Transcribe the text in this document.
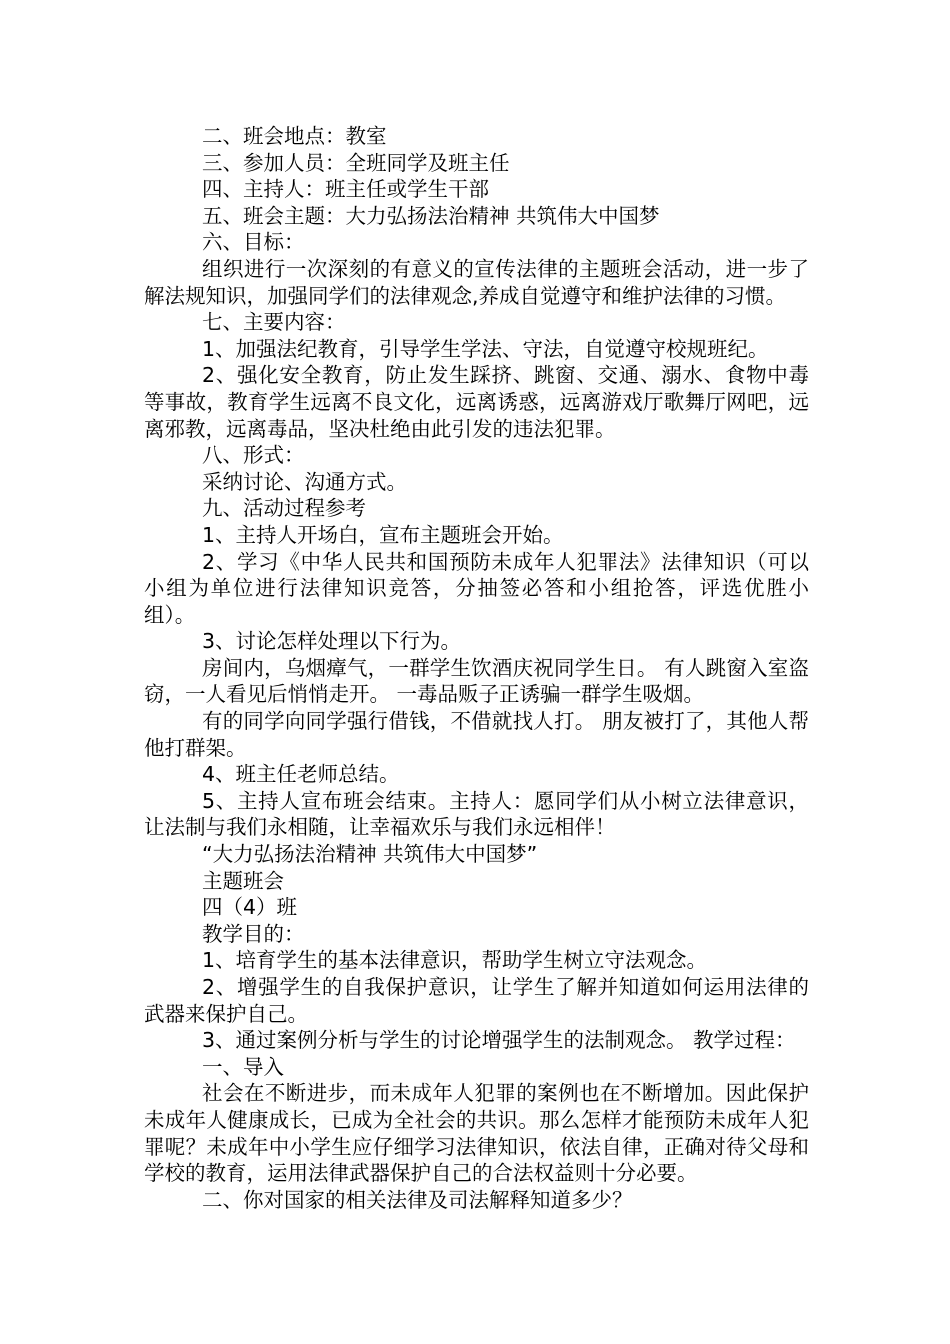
二、班会地点：教室

三、参加人员：全班同学及班主任

四、主持人：班主任或学生干部

五、班会主题：大力弘扬法治精神 共筑伟大中国梦

六、目标：

组织进行一次深刻的有意义的宣传法律的主题班会活动，进一步了解法规知识，加强同学们的法律观念,养成自觉遵守和维护法律的习惯。

七、主要内容：

1、加强法纪教育，引导学生学法、守法，自觉遵守校规班纪。

2、强化安全教育，防止发生踩挤、跳窗、交通、溺水、食物中毒等事故，教育学生远离不良文化，远离诱惑，远离游戏厅歌舞厅网吧，远离邪教，远离毒品，坚决杜绝由此引发的违法犯罪。

八、形式：

采纳讨论、沟通方式。

九、活动过程参考

1、主持人开场白，宣布主题班会开始。

2、学习《中华人民共和国预防未成年人犯罪法》法律知识（可以小组为单位进行法律知识竞答，分抽签必答和小组抢答，评选优胜小组）。

3、讨论怎样处理以下行为。

房间内，乌烟瘴气，一群学生饮酒庆祝同学生日。 有人跳窗入室盗窃，一人看见后悄悄走开。 一毒品贩子正诱骗一群学生吸烟。

有的同学向同学强行借钱，不借就找人打。 朋友被打了，其他人帮他打群架。

4、班主任老师总结。

5、主持人宣布班会结束。主持人：愿同学们从小树立法律意识，让法制与我们永相随，让幸福欢乐与我们永远相伴！

“大力弘扬法治精神 共筑伟大中国梦”

主题班会

四（4）班

教学目的：

1、培育学生的基本法律意识，帮助学生树立守法观念。

2、增强学生的自我保护意识，让学生了解并知道如何运用法律的武器来保护自己。

3、通过案例分析与学生的讨论增强学生的法制观念。 教学过程：

一、导入

社会在不断进步，而未成年人犯罪的案例也在不断增加。因此保护未成年人健康成长，已成为全社会的共识。那么怎样才能预防未成年人犯罪呢？未成年中小学生应仔细学习法律知识，依法自律，正确对待父母和学校的教育，运用法律武器保护自己的合法权益则十分必要。

二、你对国家的相关法律及司法解释知道多少？
